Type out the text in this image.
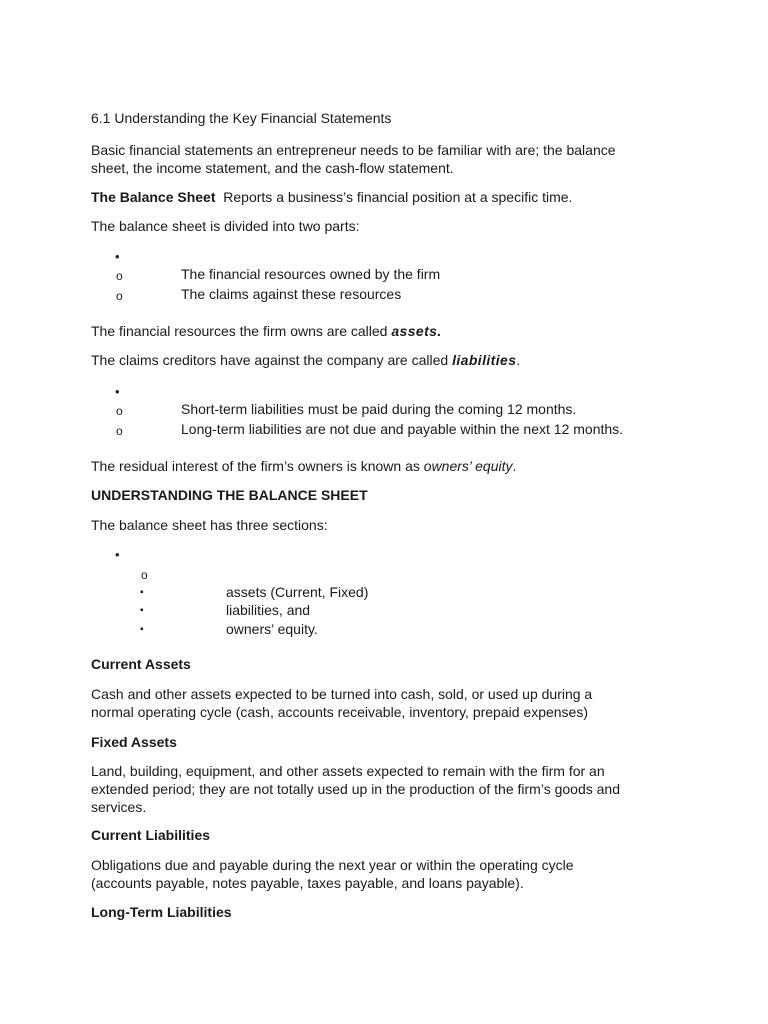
6.1 Understanding the Key Financial Statements
Basic financial statements an entrepreneur needs to be familiar with are; the balance
sheet, the income statement, and the cash-flow statement.
The Balance Sheet Reports a business’s financial position at a specific time.
The balance sheet is divided into two parts:
•
o	The financial resources owned by the firm
o	The claims against these resources
The financial resources the firm owns are called assets.
The claims creditors have against the company are called liabilities.
•
o	Short-term liabilities must be paid during the coming 12 months.
o	Long-term liabilities are not due and payable within the next 12 months.
The residual interest of the firm’s owners is known as owners’ equity.
UNDERSTANDING THE BALANCE SHEET
The balance sheet has three sections:
•
o
▪	assets (Current, Fixed)
▪	liabilities, and
▪	owners’ equity.
Current Assets
Cash and other assets expected to be turned into cash, sold, or used up during a
normal operating cycle (cash, accounts receivable, inventory, prepaid expenses)
Fixed Assets
Land, building, equipment, and other assets expected to remain with the firm for an
extended period; they are not totally used up in the production of the firm’s goods and
services.
Current Liabilities
Obligations due and payable during the next year or within the operating cycle
(accounts payable, notes payable, taxes payable, and loans payable).
Long-Term Liabilities
